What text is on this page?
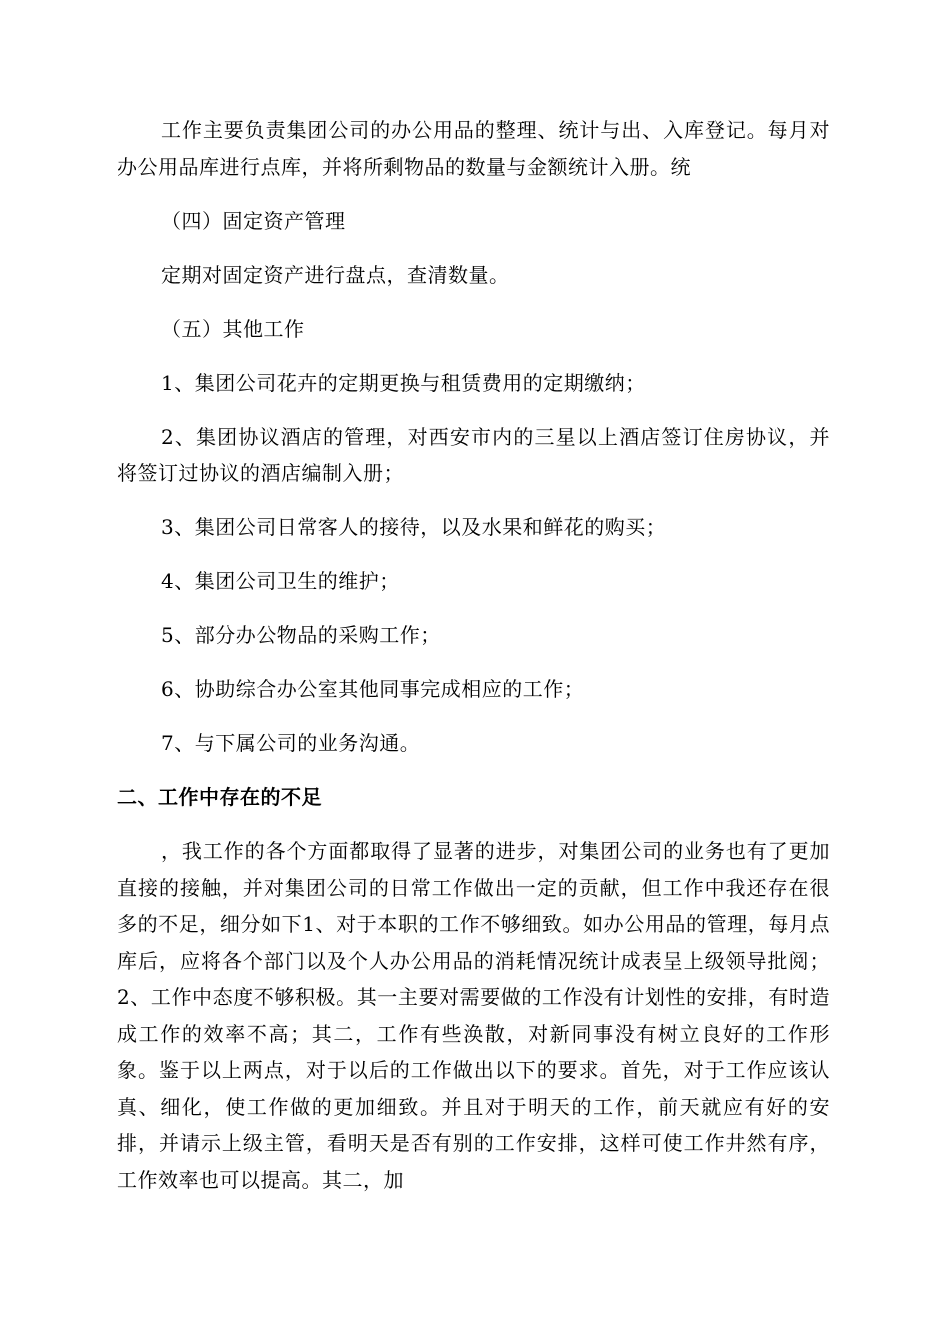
工作主要负责集团公司的办公用品的整理、统计与出、入库登记。每月对办公用品库进行点库，并将所剩物品的数量与金额统计入册。统

（四）固定资产管理

定期对固定资产进行盘点，查清数量。

（五）其他工作

1、集团公司花卉的定期更换与租赁费用的定期缴纳；

2、集团协议酒店的管理，对西安市内的三星以上酒店签订住房协议，并将签订过协议的酒店编制入册；

3、集团公司日常客人的接待，以及水果和鲜花的购买；

4、集团公司卫生的维护；

5、部分办公物品的采购工作；

6、协助综合办公室其他同事完成相应的工作；

7、与下属公司的业务沟通。

二、工作中存在的不足

，我工作的各个方面都取得了显著的进步，对集团公司的业务也有了更加直接的接触，并对集团公司的日常工作做出一定的贡献，但工作中我还存在很多的不足，细分如下1、对于本职的工作不够细致。如办公用品的管理，每月点库后，应将各个部门以及个人办公用品的消耗情况统计成表呈上级领导批阅；2、工作中态度不够积极。其一主要对需要做的工作没有计划性的安排，有时造成工作的效率不高；其二，工作有些涣散，对新同事没有树立良好的工作形象。鉴于以上两点，对于以后的工作做出以下的要求。首先，对于工作应该认真、细化，使工作做的更加细致。并且对于明天的工作，前天就应有好的安排，并请示上级主管，看明天是否有别的工作安排，这样可使工作井然有序，工作效率也可以提高。其二，加
